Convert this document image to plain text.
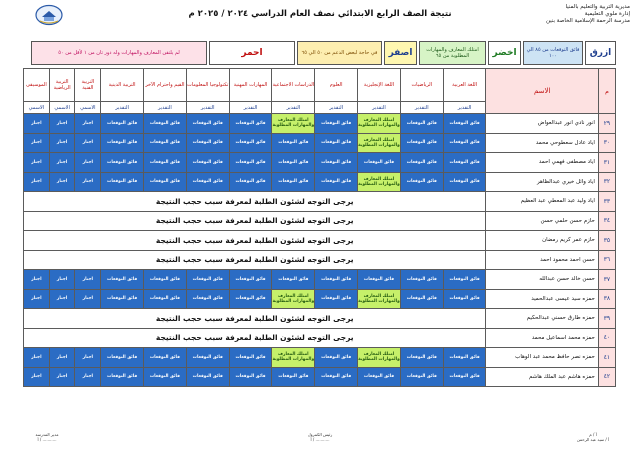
مديرية التربية والتعليم بالمنيا
إدارة ملوي التعليمية
مدرسة الرحمة الإسلامية الخاصة بنين
نتيجة الصف الرابع الابتدائي نصف العام الدراسي ٢٠٢٤ / ٢٠٢٥ م
ازرق
فائق التوقعات من ٨٥ الي ١٠٠
اخضر
امتلك المعارف والمهارات المطلوبة من ٦٥
اصفر
في حاجة لبعض الدعم من ٥٠ الي ٦٥
احمر
لم يلتقن المعارف والمهارات وله دور ثان من ١ لأقل من ٥٠
م	الاسم	اللغة العربية	الرياضيات	اللغة الإنجليزية	العلوم	الدراسات الاجتماعية	المهارات المهنية	تكنولوجيا المعلومات	القيم واحترام الآخر	التربية الدينية	التربية الفنية	التربية الرياضية	الموسيقى
		التقدير	التقدير	التقدير	التقدير	التقدير	التقدير	التقدير	التقدير	التقدير	الاسمي	الاسمي	الاسمي
٢٩	انور نادي انور عبدالعواض	فائق التوقعات	فائق التوقعات	امتلك المعارف والمهارات المطلوبة	فائق التوقعات	امتلك المعارف والمهارات المطلوبة	فائق التوقعات	فائق التوقعات	فائق التوقعات	فائق التوقعات	اجتاز	اجتاز	اجتاز
٣٠	اياد عادل سعطوحي محمد	فائق التوقعات	فائق التوقعات	امتلك المعارف والمهارات المطلوبة	فائق التوقعات	فائق التوقعات	فائق التوقعات	فائق التوقعات	فائق التوقعات	فائق التوقعات	اجتاز	اجتاز	اجتاز
٣١	اياد مصطفى فهمي احمد	فائق التوقعات	فائق التوقعات	فائق التوقعات	فائق التوقعات	فائق التوقعات	فائق التوقعات	فائق التوقعات	فائق التوقعات	فائق التوقعات	اجتاز	اجتاز	اجتاز
٣٢	اياد وائل خيري عبدالظاهر	فائق التوقعات	فائق التوقعات	امتلك المعارف والمهارات المطلوبة	فائق التوقعات	فائق التوقعات	فائق التوقعات	فائق التوقعات	فائق التوقعات	فائق التوقعات	اجتاز	اجتاز	اجتاز
٣٣	اياد وليد عبد المعطي عبد العظيم	يرجى التوجه لشئون الطلبة لمعرفة سبب حجب النتيجة											
٣٤	حازم حسن حلمي حسن	يرجى التوجه لشئون الطلبة لمعرفة سبب حجب النتيجة											
٣٥	حازم عمر كريم رمضان	يرجى التوجه لشئون الطلبة لمعرفة سبب حجب النتيجة											
٣٦	حسن احمد محمود احمد	يرجى التوجه لشئون الطلبة لمعرفة سبب حجب النتيجة											
٣٧	حسن خالد حسن عبدالله	فائق التوقعات	فائق التوقعات	فائق التوقعات	فائق التوقعات	فائق التوقعات	فائق التوقعات	فائق التوقعات	فائق التوقعات	فائق التوقعات	اجتاز	اجتاز	اجتاز
٣٨	حمزه سيد عيسى عبدالحميد	فائق التوقعات	فائق التوقعات	امتلك المعارف والمهارات المطلوبة	فائق التوقعات	امتلك المعارف والمهارات المطلوبة	فائق التوقعات	فائق التوقعات	فائق التوقعات	فائق التوقعات	اجتاز	اجتاز	اجتاز
٣٩	حمزه طارق حسني عبدالحكيم	يرجى التوجه لشئون الطلبة لمعرفة سبب حجب النتيجة											
٤٠	حمزه محمد اسماعيل محمد	يرجى التوجه لشئون الطلبة لمعرفة سبب حجب النتيجة											
٤١	حمزه نصر حافظ محمد عبد الوهاب	فائق التوقعات	فائق التوقعات	امتلك المعارف والمهارات المطلوبة	فائق التوقعات	امتلك المعارف والمهارات المطلوبة	فائق التوقعات	فائق التوقعات	فائق التوقعات	فائق التوقعات	اجتاز	اجتاز	اجتاز
٤٢	حمزه هاشم عبد الملك هاشم	فائق التوقعات	فائق التوقعات	فائق التوقعات	فائق التوقعات	فائق التوقعات	فائق التوقعات	فائق التوقعات	فائق التوقعات	فائق التوقعات	اجتاز	اجتاز	اجتاز
أ / م
أ / سيد عبد الرحمن
رئيس الكنترول
أ / ...........
مدير المدرسة
أ / ...........
